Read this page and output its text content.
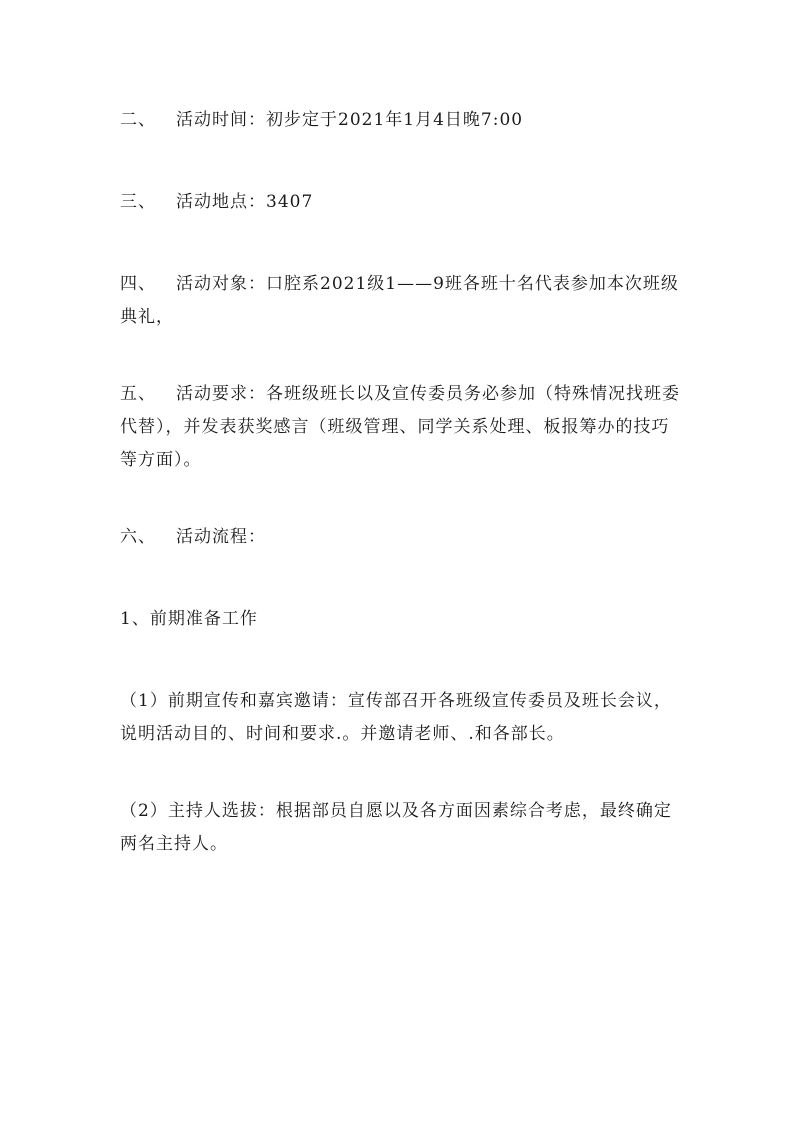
二、 活动时间：初步定于2021年1月4日晚7:00

三、 活动地点：3407

四、 活动对象：口腔系2021级1——9班各班十名代表参加本次班级典礼，

五、 活动要求：各班级班长以及宣传委员务必参加（特殊情况找班委代替），并发表获奖感言（班级管理、同学关系处理、板报筹办的技巧等方面）。

六、 活动流程：

1、前期准备工作

（1）前期宣传和嘉宾邀请：宣传部召开各班级宣传委员及班长会议，说明活动目的、时间和要求.。并邀请老师、.和各部长。

（2）主持人选拔：根据部员自愿以及各方面因素综合考虑，最终确定两名主持人。
